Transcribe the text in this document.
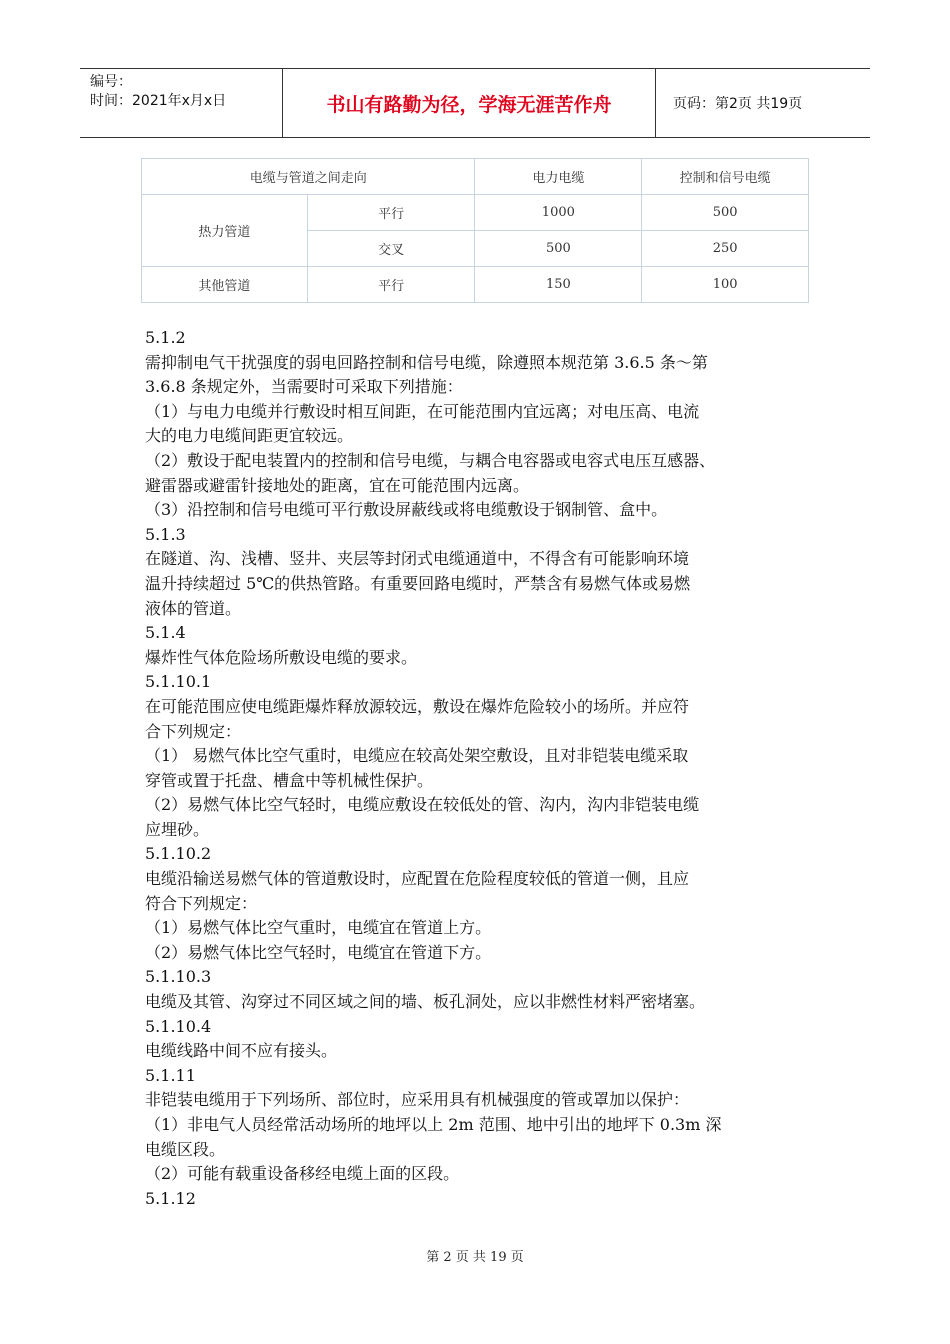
编号：
时间：2021年x月x日	书山有路勤为径，学海无涯苦作舟	页码：第2页 共19页
电缆与管道之间走向		电力电缆	控制和信号电缆
热力管道	平行	1000	500
	交叉	500	250
其他管道	平行	150	100

5.1.2

需抑制电气干扰强度的弱电回路控制和信号电缆，除遵照本规范第 3.6.5 条～第

3.6.8 条规定外，当需要时可采取下列措施：

（1）与电力电缆并行敷设时相互间距，在可能范围内宜远离；对电压高、电流

大的电力电缆间距更宜较远。

（2）敷设于配电装置内的控制和信号电缆，与耦合电容器或电容式电压互感器、

避雷器或避雷针接地处的距离，宜在可能范围内远离。

（3）沿控制和信号电缆可平行敷设屏蔽线或将电缆敷设于钢制管、盒中。

5.1.3

在隧道、沟、浅槽、竖井、夹层等封闭式电缆通道中，不得含有可能影响环境

温升持续超过 5℃的供热管路。有重要回路电缆时，严禁含有易燃气体或易燃

液体的管道。

5.1.4

爆炸性气体危险场所敷设电缆的要求。

5.1.10.1

在可能范围应使电缆距爆炸释放源较远，敷设在爆炸危险较小的场所。并应符

合下列规定：

（1） 易燃气体比空气重时，电缆应在较高处架空敷设，且对非铠装电缆采取

穿管或置于托盘、槽盒中等机械性保护。

（2）易燃气体比空气轻时，电缆应敷设在较低处的管、沟内，沟内非铠装电缆

应埋砂。

5.1.10.2

电缆沿输送易燃气体的管道敷设时，应配置在危险程度较低的管道一侧，且应

符合下列规定：

（1）易燃气体比空气重时，电缆宜在管道上方。

（2）易燃气体比空气轻时，电缆宜在管道下方。

5.1.10.3

电缆及其管、沟穿过不同区域之间的墙、板孔洞处，应以非燃性材料严密堵塞。

5.1.10.4

电缆线路中间不应有接头。

5.1.11

非铠装电缆用于下列场所、部位时，应采用具有机械强度的管或罩加以保护：

（1）非电气人员经常活动场所的地坪以上 2m 范围、地中引出的地坪下 0.3m 深

电缆区段。

（2）可能有载重设备移经电缆上面的区段。

5.1.12

第 2 页 共 19 页
